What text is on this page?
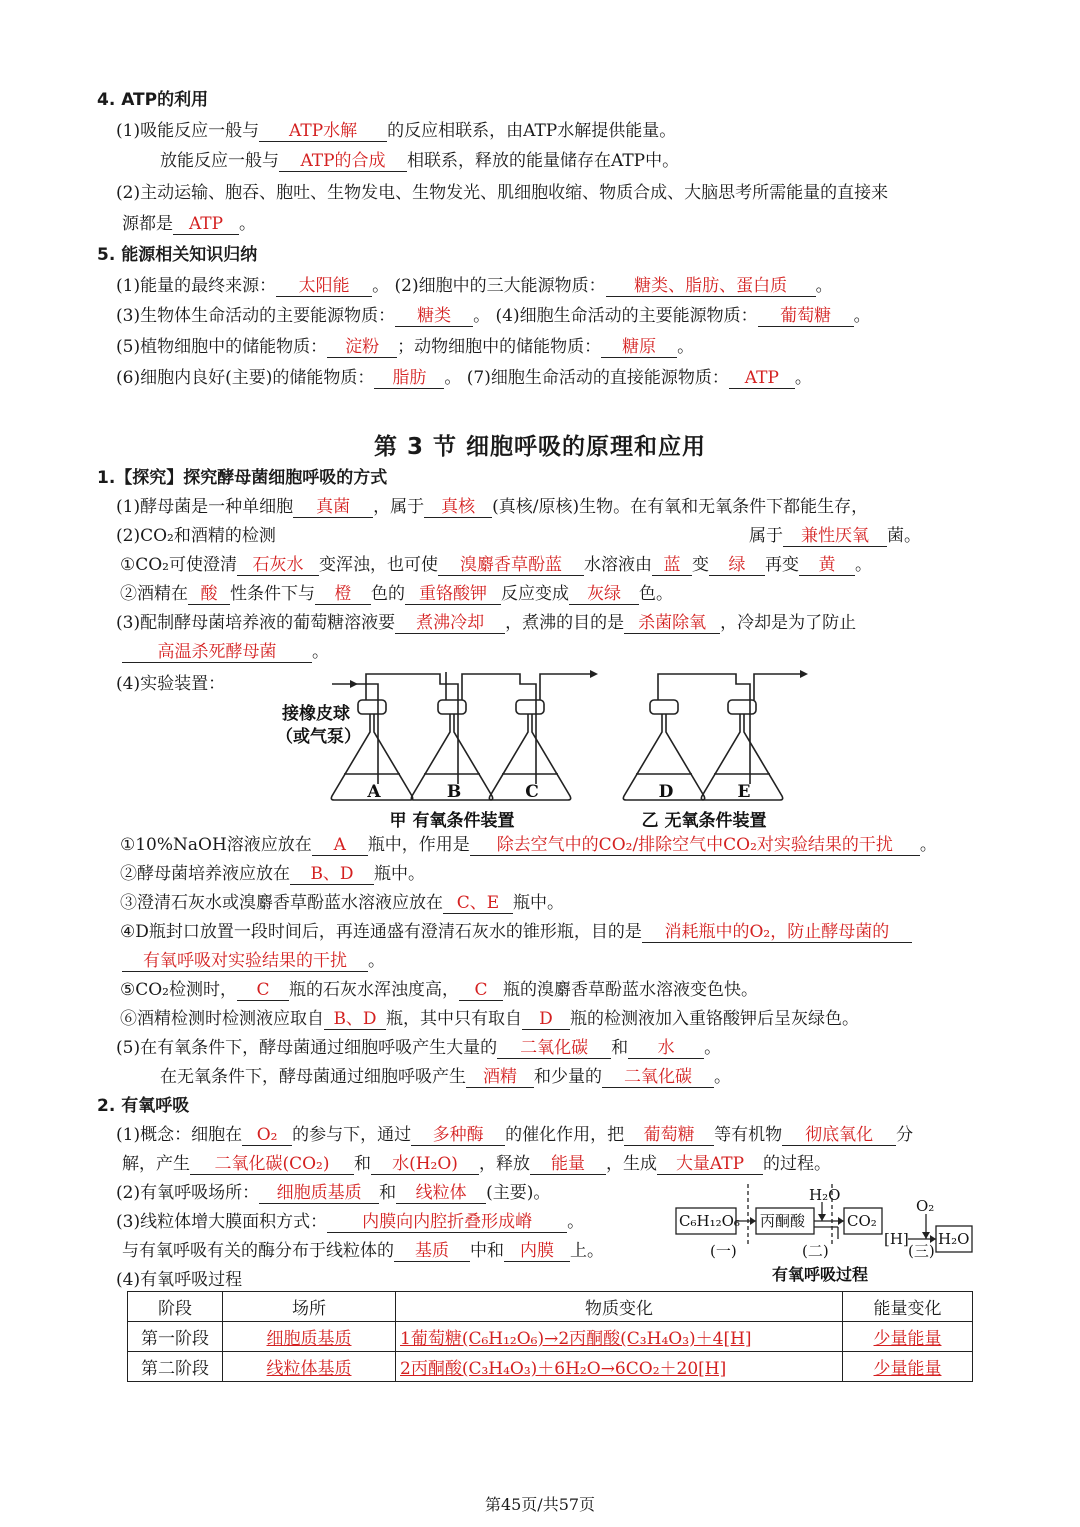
4. ATP的利用
(1)吸能反应一般与 ATP水解 的反应相联系，由ATP水解提供能量。
放能反应一般与 ATP的合成 相联系，释放的能量储存在ATP中。
(2)主动运输、胞吞、胞吐、生物发电、生物发光、肌细胞收缩、物质合成、大脑思考所需能量的直接来
源都是 ATP 。
5. 能源相关知识归纳
(1)能量的最终来源： 太阳能 。 (2)细胞中的三大能源物质： 糖类、脂肪、蛋白质 。
(3)生物体生命活动的主要能源物质： 糖类 。 (4)细胞生命活动的主要能源物质： 葡萄糖 。
(5)植物细胞中的储能物质： 淀粉 ；动物细胞中的储能物质： 糖原 。
(6)细胞内良好(主要)的储能物质： 脂肪 。 (7)细胞生命活动的直接能源物质： ATP 。
第 3 节 细胞呼吸的原理和应用
1.【探究】探究酵母菌细胞呼吸的方式
(1)酵母菌是一种单细胞 真菌 ，属于 真核 (真核/原核)生物。在有氧和无氧条件下都能生存，
(2)CO₂和酒精的检测	属于 兼性厌氧 菌。
①CO₂可使澄清 石灰水 变浑浊，也可使 溴麝香草酚蓝 水溶液由 蓝 变 绿 再变 黄 。
②酒精在 酸 性条件下与 橙 色的 重铬酸钾 反应变成 灰绿 色。
(3)配制酵母菌培养液的葡萄糖溶液要 煮沸冷却 ，煮沸的目的是 杀菌除氧 ，冷却是为了防止
高温杀死酵母菌 。
(4)实验装置：
接橡皮球
（或气泵）
A	B	C	D	E
甲 有氧条件装置	乙 无氧条件装置
①10%NaOH溶液应放在 A 瓶中，作用是 除去空气中的CO₂/排除空气中CO₂对实验结果的干扰 。
②酵母菌培养液应放在 B、D 瓶中。
③澄清石灰水或溴麝香草酚蓝水溶液应放在 C、E 瓶中。
④D瓶封口放置一段时间后，再连通盛有澄清石灰水的锥形瓶，目的是 消耗瓶中的O₂，防止酵母菌的
有氧呼吸对实验结果的干扰 。
⑤CO₂检测时， C 瓶的石灰水浑浊度高， C 瓶的溴麝香草酚蓝水溶液变色快。
⑥酒精检测时检测液应取自 B、D 瓶，其中只有取自 D 瓶的检测液加入重铬酸钾后呈灰绿色。
(5)在有氧条件下，酵母菌通过细胞呼吸产生大量的 二氧化碳 和 水 。
在无氧条件下，酵母菌通过细胞呼吸产生 酒精 和少量的 二氧化碳 。
2. 有氧呼吸
(1)概念：细胞在 O₂ 的参与下，通过 多种酶 的催化作用，把 葡萄糖 等有机物 彻底氧化 分
解，产生 二氧化碳(CO₂) 和 水(H₂O) ，释放 能量 ，生成 大量ATP 的过程。
(2)有氧呼吸场所： 细胞质基质 和 线粒体 (主要)。
(3)线粒体增大膜面积方式： 内膜向内腔折叠形成嵴 。
与有氧呼吸有关的酶分布于线粒体的 基质 中和 内膜 上。
(4)有氧呼吸过程
C₆H₁₂O₆ 丙酮酸	CO₂
H₂O
O₂
[H] H₂O
(一)	(二)	(三)
有氧呼吸过程
阶段	场所	物质变化	能量变化
第一阶段	细胞质基质	1葡萄糖(C₆H₁₂O₆)→2丙酮酸(C₃H₄O₃)＋4[H]	少量能量
第二阶段	线粒体基质	2丙酮酸(C₃H₄O₃)＋6H₂O→6CO₂＋20[H]	少量能量
第45页/共57页
